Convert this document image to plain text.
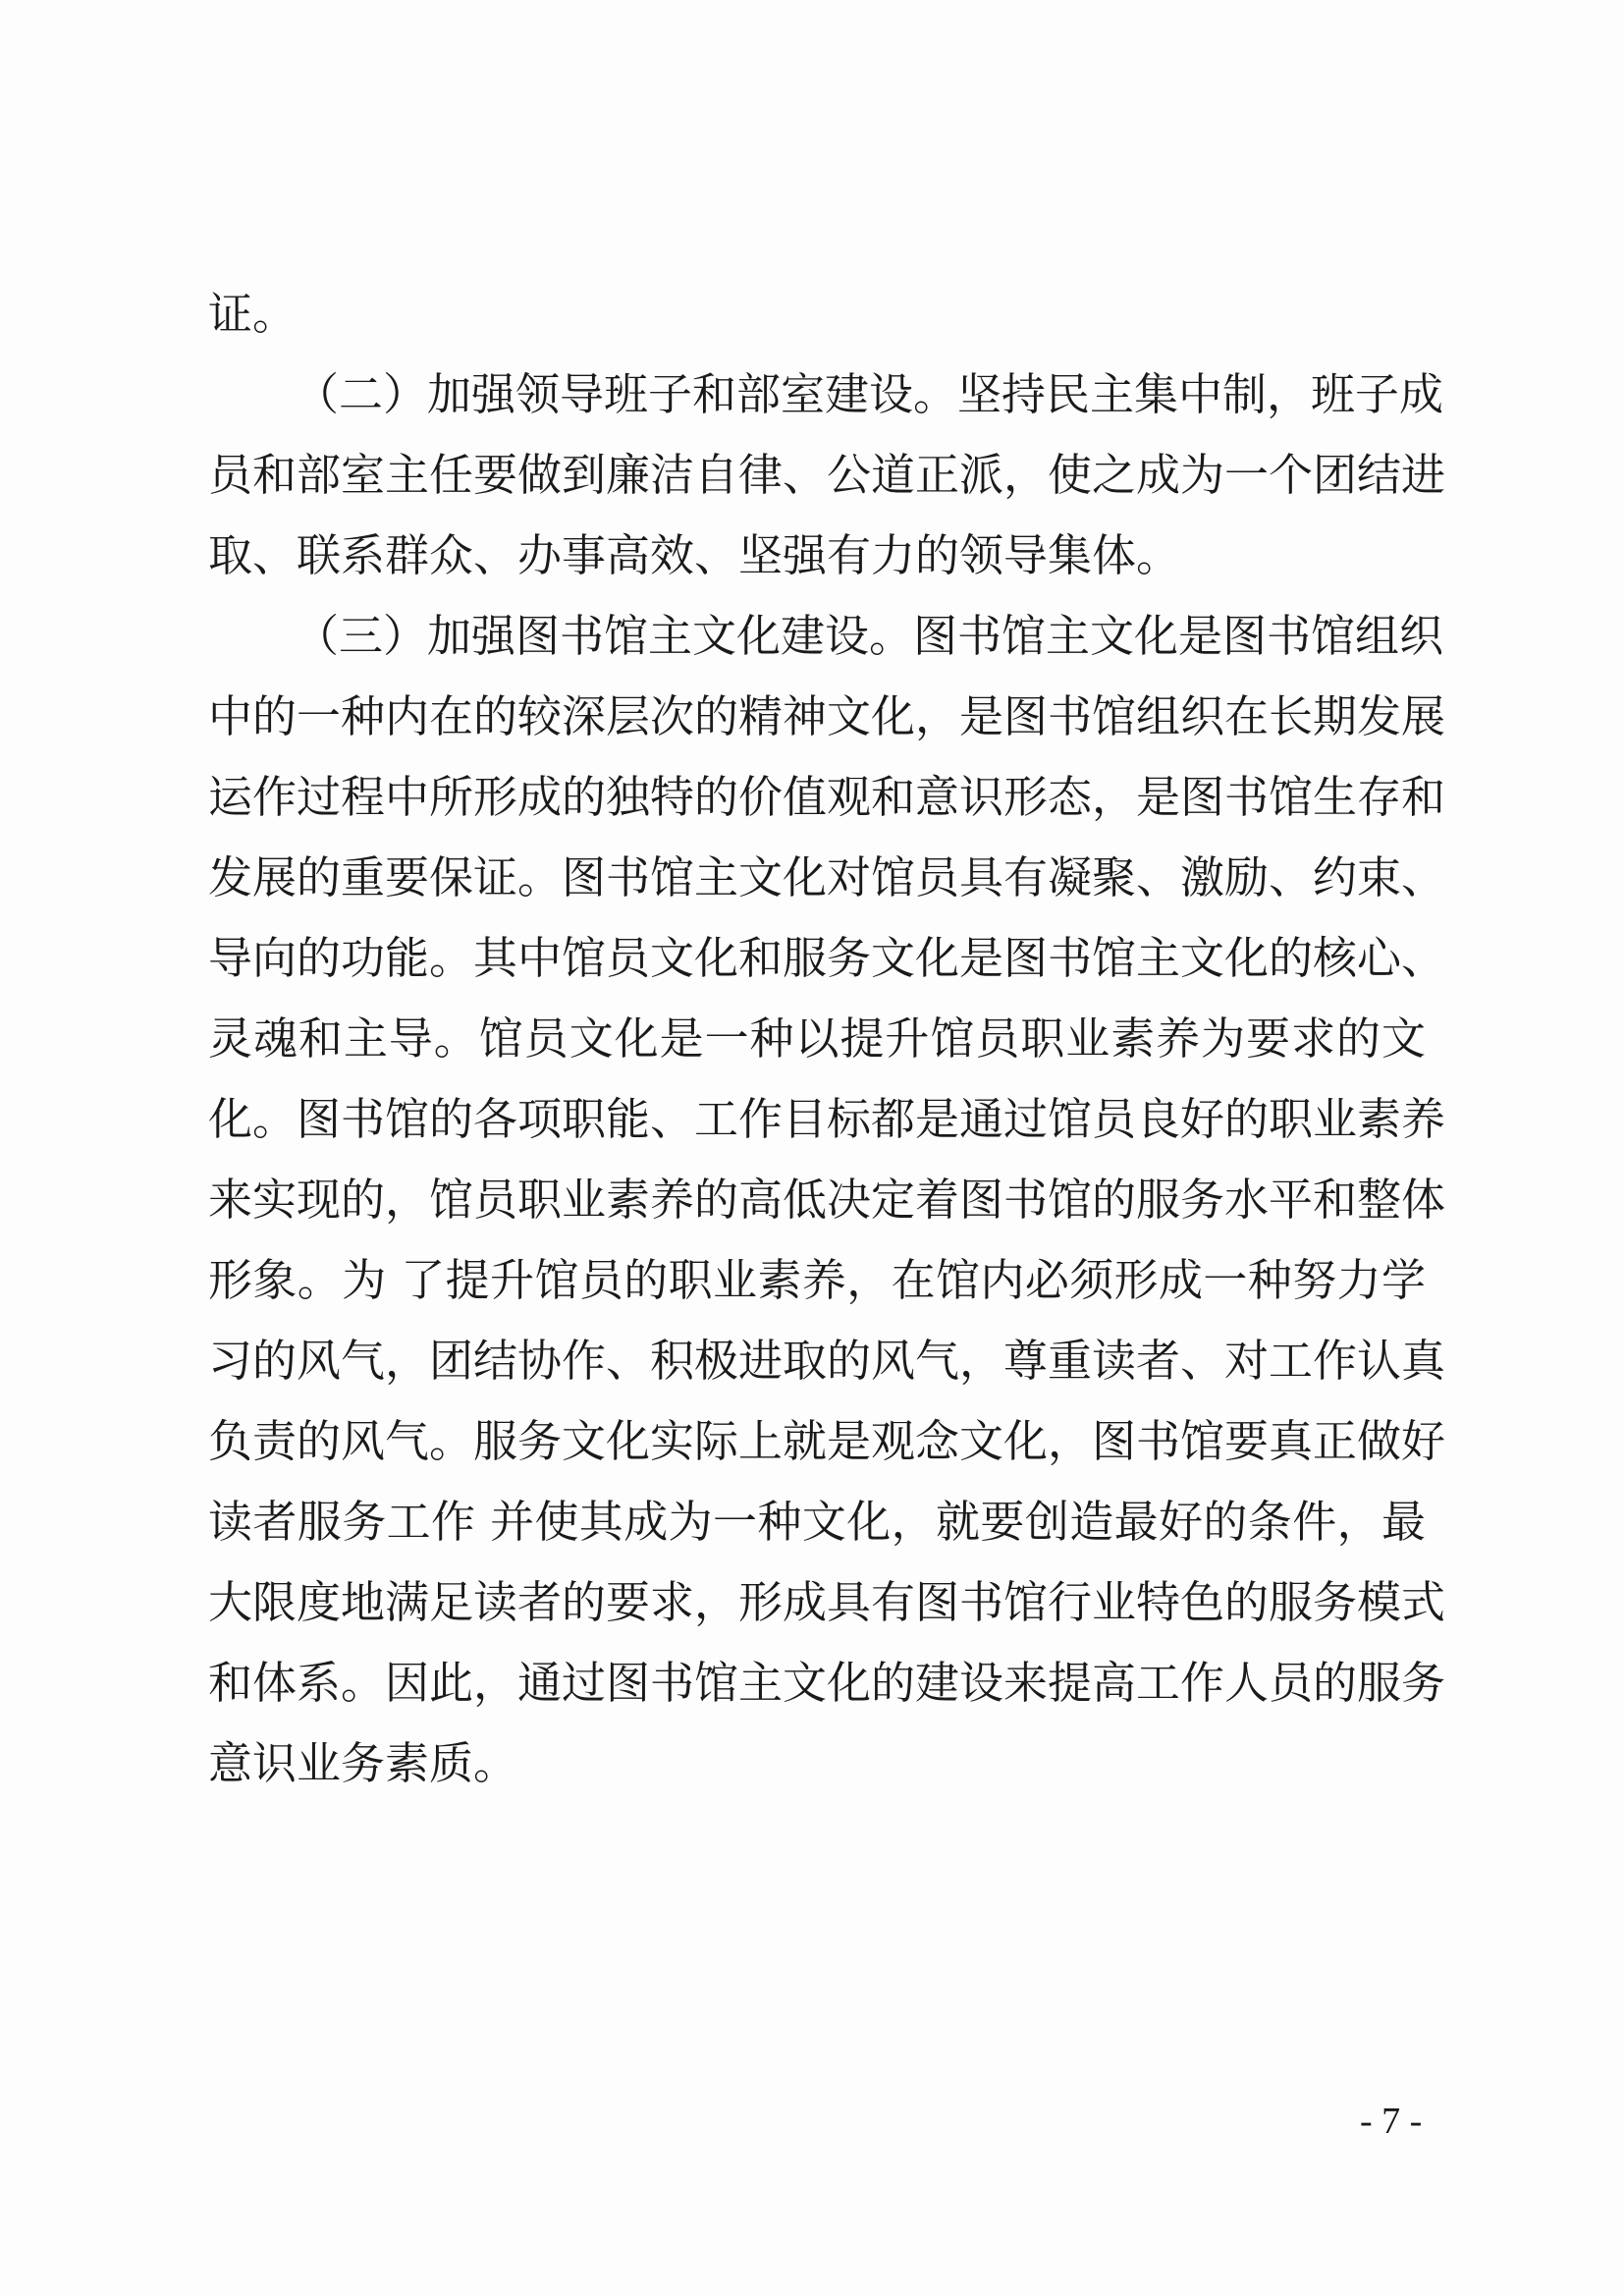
证。
（二）加强领导班子和部室建设。坚持民主集中制，班子成
员和部室主任要做到廉洁自律、公道正派，使之成为一个团结进
取、联系群众、办事高效、坚强有力的领导集体。
（三）加强图书馆主文化建设。图书馆主文化是图书馆组织
中的一种内在的较深层次的精神文化，是图书馆组织在长期发展
运作过程中所形成的独特的价值观和意识形态，是图书馆生存和
发展的重要保证。图书馆主文化对馆员具有凝聚、激励、约束、
导向的功能。其中馆员文化和服务文化是图书馆主文化的核心、
灵魂和主导。馆员文化是一种以提升馆员职业素养为要求的文
化。图书馆的各项职能、工作目标都是通过馆员良好的职业素养
来实现的，馆员职业素养的高低决定着图书馆的服务水平和整体
形象。为 了提升馆员的职业素养，在馆内必须形成一种努力学
习的风气，团结协作、积极进取的风气，尊重读者、对工作认真
负责的风气。服务文化实际上就是观念文化，图书馆要真正做好
读者服务工作 并使其成为一种文化，就要创造最好的条件，最
大限度地满足读者的要求，形成具有图书馆行业特色的服务模式
和体系。因此，通过图书馆主文化的建设来提高工作人员的服务
意识业务素质。
- 7 -
